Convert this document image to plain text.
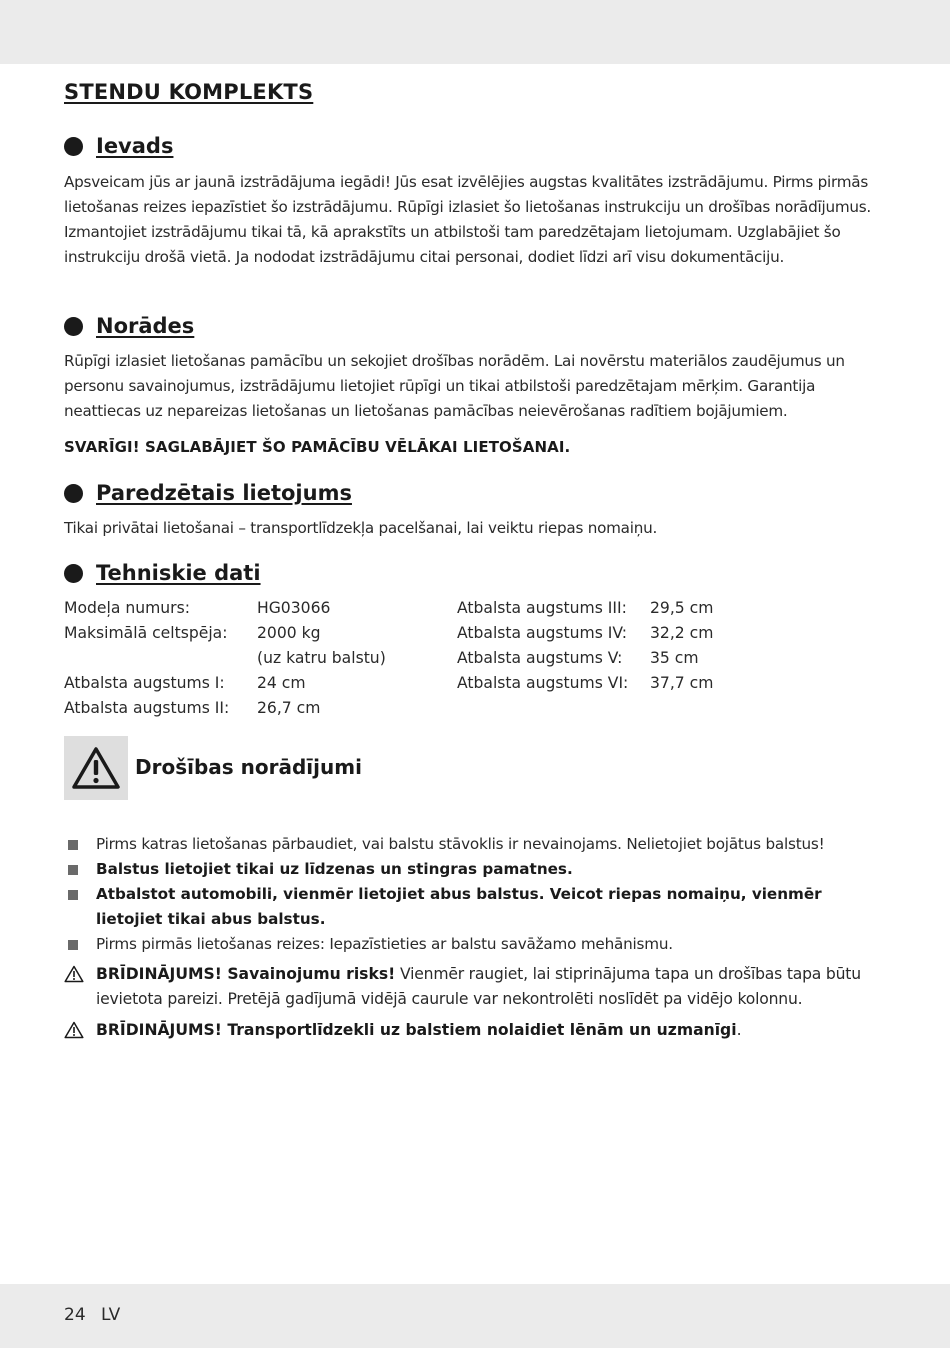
STENDU KOMPLEKTS
Ievads

Apsveicam jūs ar jaunā izstrādājuma iegādi! Jūs esat izvēlējies augstas kvalitātes izstrādājumu. Pirms pirmās lietošanas reizes iepazīstiet šo izstrādājumu. Rūpīgi izlasiet šo lietošanas instrukciju un drošības norādījumus. Izmantojiet izstrādājumu tikai tā, kā aprakstīts un atbilstoši tam paredzētajam lietojumam. Uzglabājiet šo instrukciju drošā vietā. Ja nododat izstrādājumu citai personai, dodiet līdzi arī visu dokumentāciju.

Norādes

Rūpīgi izlasiet lietošanas pamācību un sekojiet drošības norādēm. Lai novērstu materiālos zaudējumus un personu savainojumus, izstrādājumu lietojiet rūpīgi un tikai atbilstoši paredzētajam mērķim. Garantija neattiecas uz nepareizas lietošanas un lietošanas pamācības neievērošanas radītiem bojājumiem.

SVARĪGI! SAGLABĀJIET ŠO PAMĀCĪBU VĒLĀKAI LIETOŠANAI.

Paredzētais lietojums

Tikai privātai lietošanai – transportlīdzekļa pacelšanai, lai veiktu riepas nomaiņu.

Tehniskie dati

Modeļa numurs:	HG03066

Maksimālā celtspēja: 2000 kg

(uz katru balstu)

Atbalsta augstums I: 24 cm

Atbalsta augstums II: 26,7 cm

Atbalsta augstums III: 29,5 cm

Atbalsta augstums IV: 32,2 cm

Atbalsta augstums V: 35 cm

Atbalsta augstums VI: 37,7 cm

Drošības norādījumi
Pirms katras lietošanas pārbaudiet, vai balstu stāvoklis ir nevainojams. Nelietojiet bojātus balstus!
Balstus lietojiet tikai uz līdzenas un stingras pamatnes.
Atbalstot automobili, vienmēr lietojiet abus balstus. Veicot riepas nomaiņu, vienmēr lietojiet tikai abus balstus.
Pirms pirmās lietošanas reizes: Iepazīstieties ar balstu savāžamo mehānismu.

BRĪDINĀJUMS! Savainojumu risks! Vienmēr raugiet, lai stiprinājuma tapa un drošības tapa būtu ievietota pareizi. Pretējā gadījumā vidējā caurule var nekontrolēti noslīdēt pa vidējo kolonnu.

BRĪDINĀJUMS! Transportlīdzekli uz balstiem nolaidiet lēnām un uzmanīgi.

24 LV
